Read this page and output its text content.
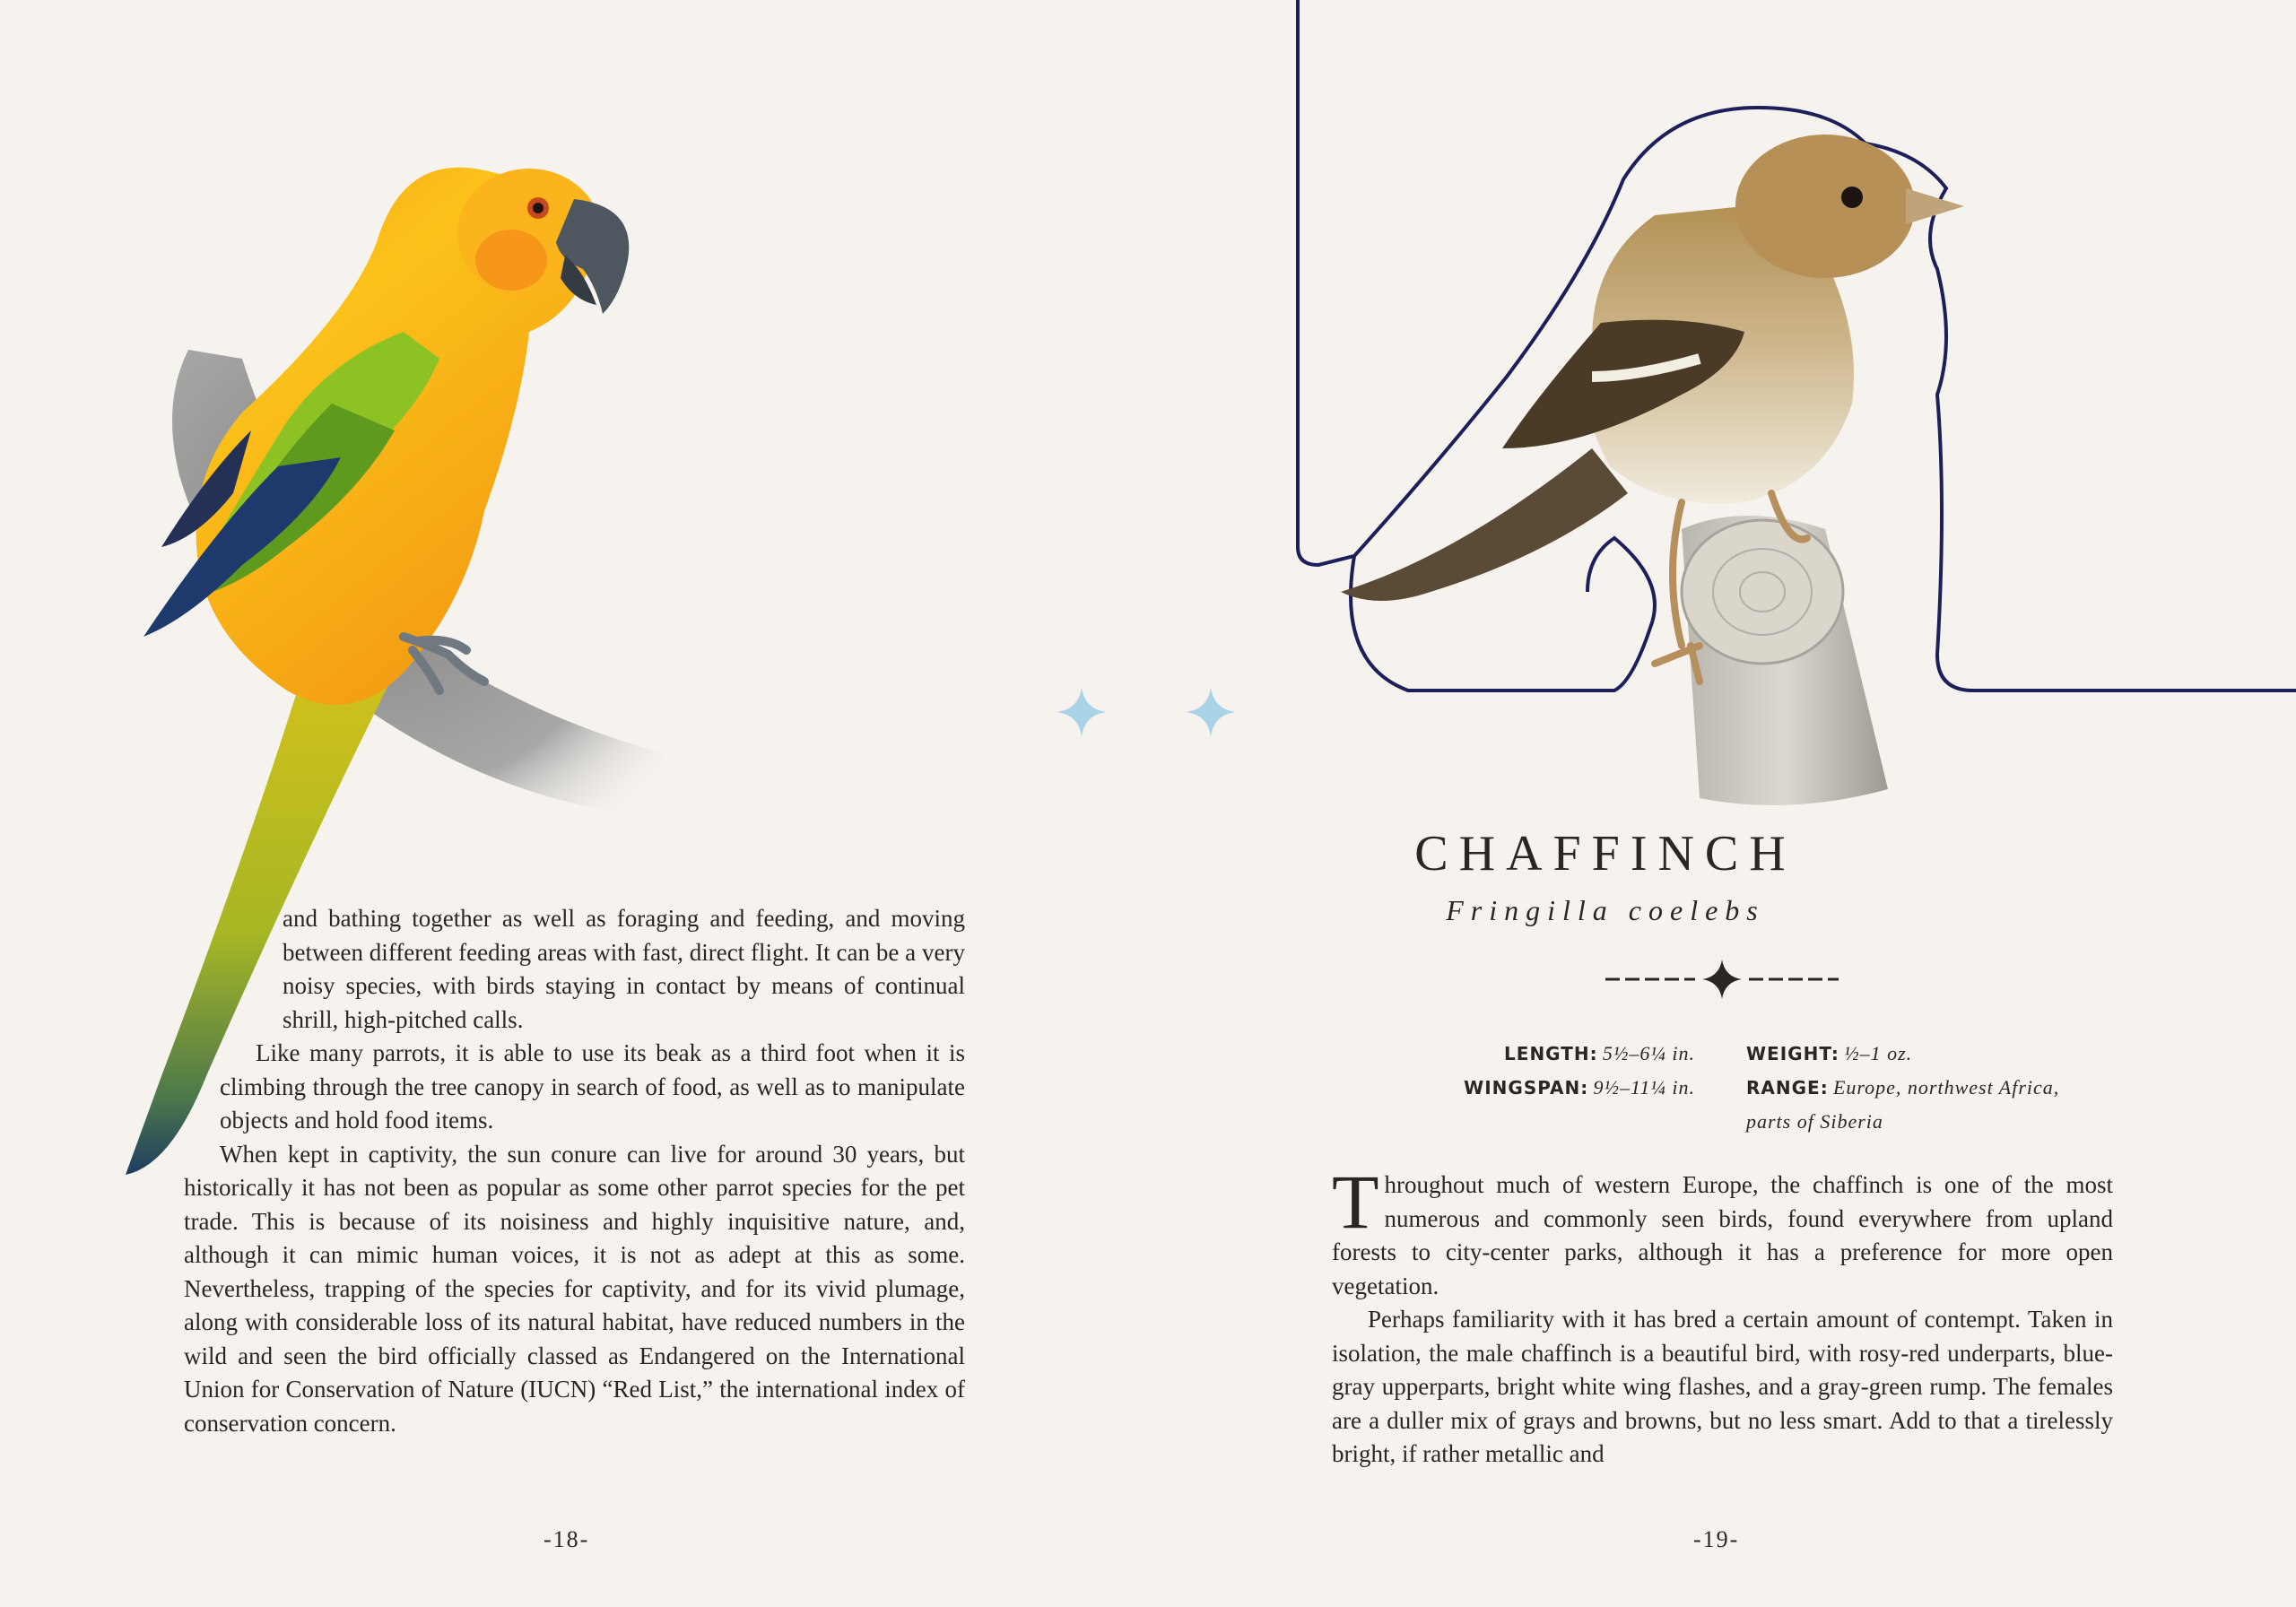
and bathing together as well as foraging and feeding, and moving between different feeding areas with fast, direct flight. It can be a very noisy species, with birds staying in contact by means of continual shrill, high-pitched calls.

Like many parrots, it is able to use its beak as a third foot when it is climbing through the tree canopy in search of food, as well as to manipulate objects and hold food items.

When kept in captivity, the sun conure can live for around 30 years, but historically it has not been as popular as some other parrot species for the pet trade. This is because of its noisiness and highly inquisitive nature, and, although it can mimic human voices, it is not as adept at this as some. Nevertheless, trapping of the species for captivity, and for its vivid plumage, along with considerable loss of its natural habitat, have reduced numbers in the wild and seen the bird officially classed as Endangered on the International Union for Conservation of Nature (IUCN) “Red List,” the international index of conservation concern.

-18-
CHAFFINCH
Fringilla coelebs
LENGTH: 5½–6¼ in.
WINGSPAN: 9½–11¼ in.
WEIGHT: ½–1 oz.
RANGE: Europe, northwest Africa,
parts of Siberia

Throughout much of western Europe, the chaffinch is one of the most numerous and commonly seen birds, found everywhere from upland forests to city-center parks, although it has a preference for more open vegetation.

Perhaps familiarity with it has bred a certain amount of contempt. Taken in isolation, the male chaffinch is a beautiful bird, with rosy-red underparts, blue-gray upperparts, bright white wing flashes, and a gray-green rump. The females are a duller mix of grays and browns, but no less smart. Add to that a tirelessly bright, if rather metallic and

-19-
